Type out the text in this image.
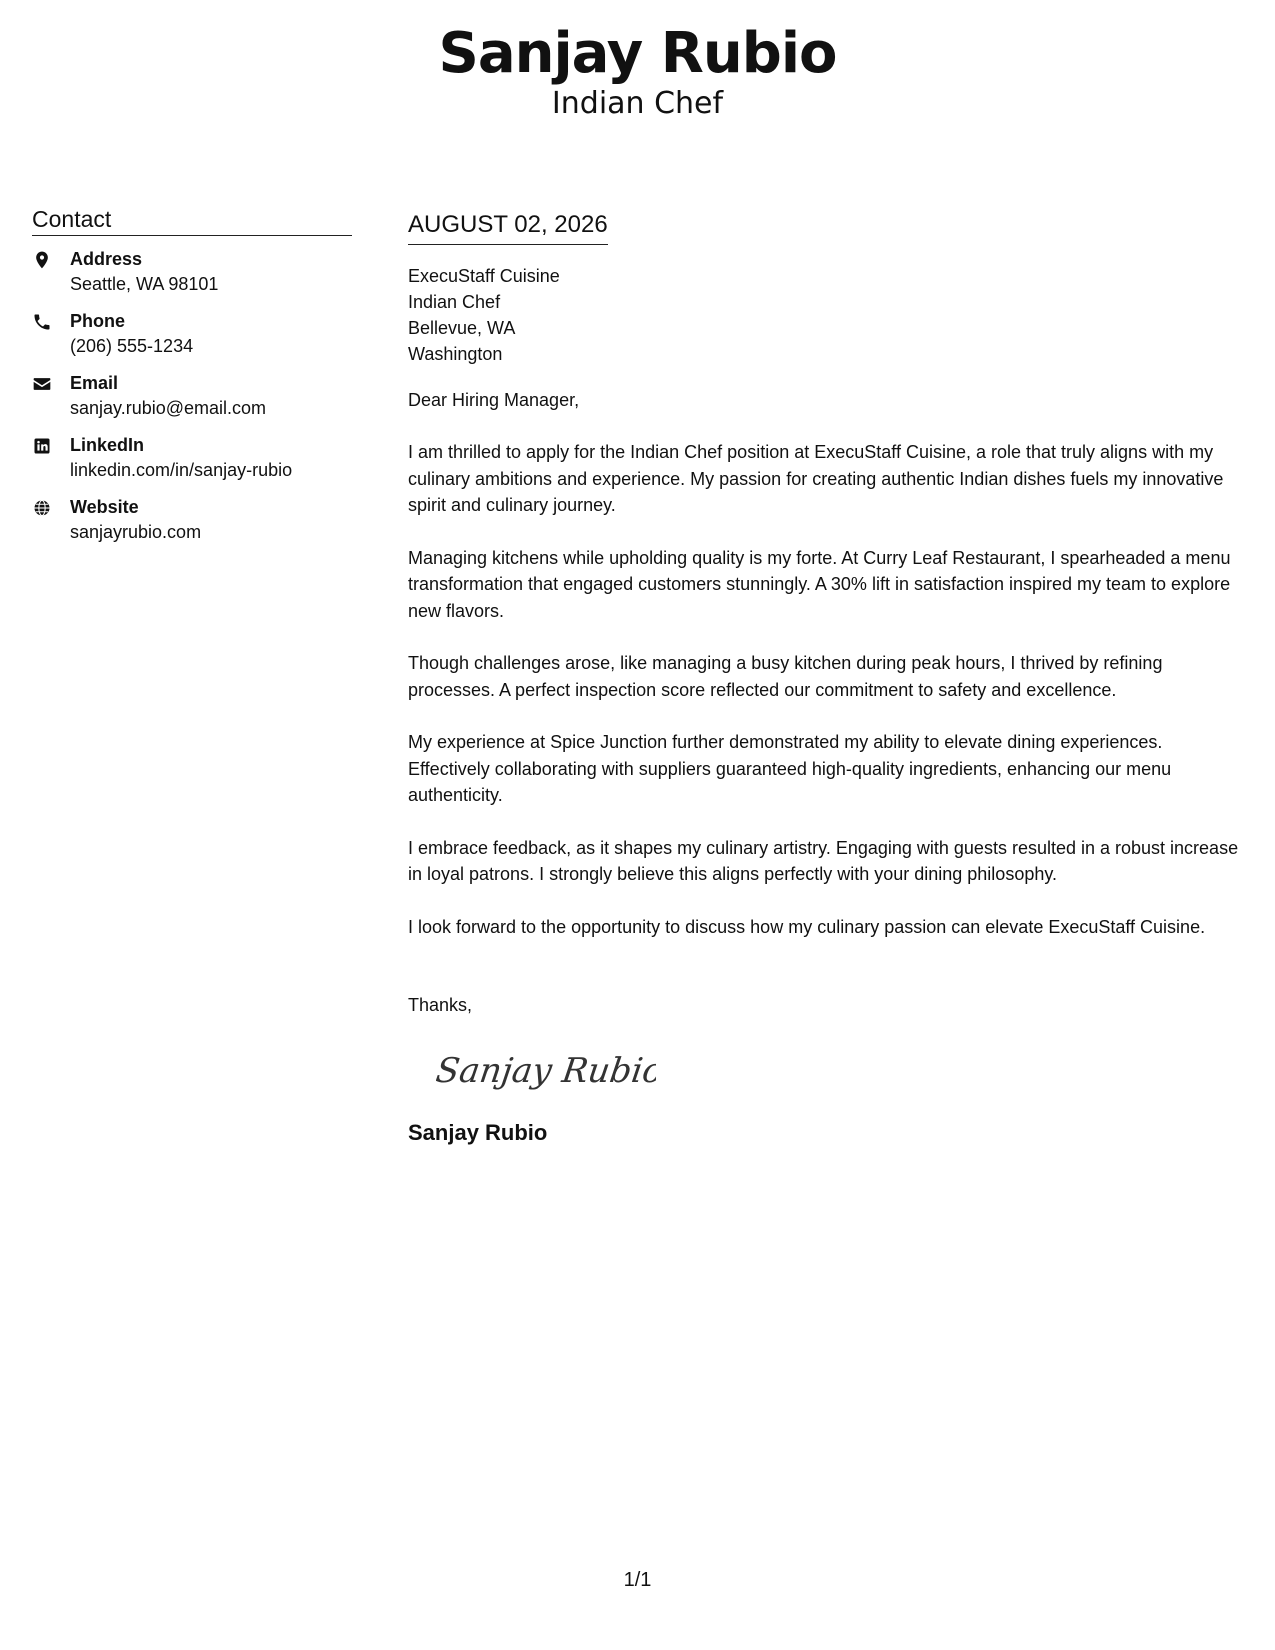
Sanjay Rubio
Indian Chef
Contact
Address
Seattle, WA 98101
Phone
(206) 555-1234
Email
sanjay.rubio@email.com
LinkedIn
linkedin.com/in/sanjay-rubio
Website
sanjayrubio.com
AUGUST 02, 2026
ExecuStaff Cuisine
Indian Chef
Bellevue, WA
Washington
Dear Hiring Manager,

I am thrilled to apply for the Indian Chef position at ExecuStaff Cuisine, a role that truly aligns with my culinary ambitions and experience. My passion for creating authentic Indian dishes fuels my innovative spirit and culinary journey.

Managing kitchens while upholding quality is my forte. At Curry Leaf Restaurant, I spearheaded a menu transformation that engaged customers stunningly. A 30% lift in satisfaction inspired my team to explore new flavors.

Though challenges arose, like managing a busy kitchen during peak hours, I thrived by refining processes. A perfect inspection score reflected our commitment to safety and excellence.

My experience at Spice Junction further demonstrated my ability to elevate dining experiences. Effectively collaborating with suppliers guaranteed high-quality ingredients, enhancing our menu authenticity.

I embrace feedback, as it shapes my culinary artistry. Engaging with guests resulted in a robust increase in loyal patrons. I strongly believe this aligns perfectly with your dining philosophy.

I look forward to the opportunity to discuss how my culinary passion can elevate ExecuStaff Cuisine.

Thanks,
Sanjay Rubio
Sanjay Rubio
1/1
